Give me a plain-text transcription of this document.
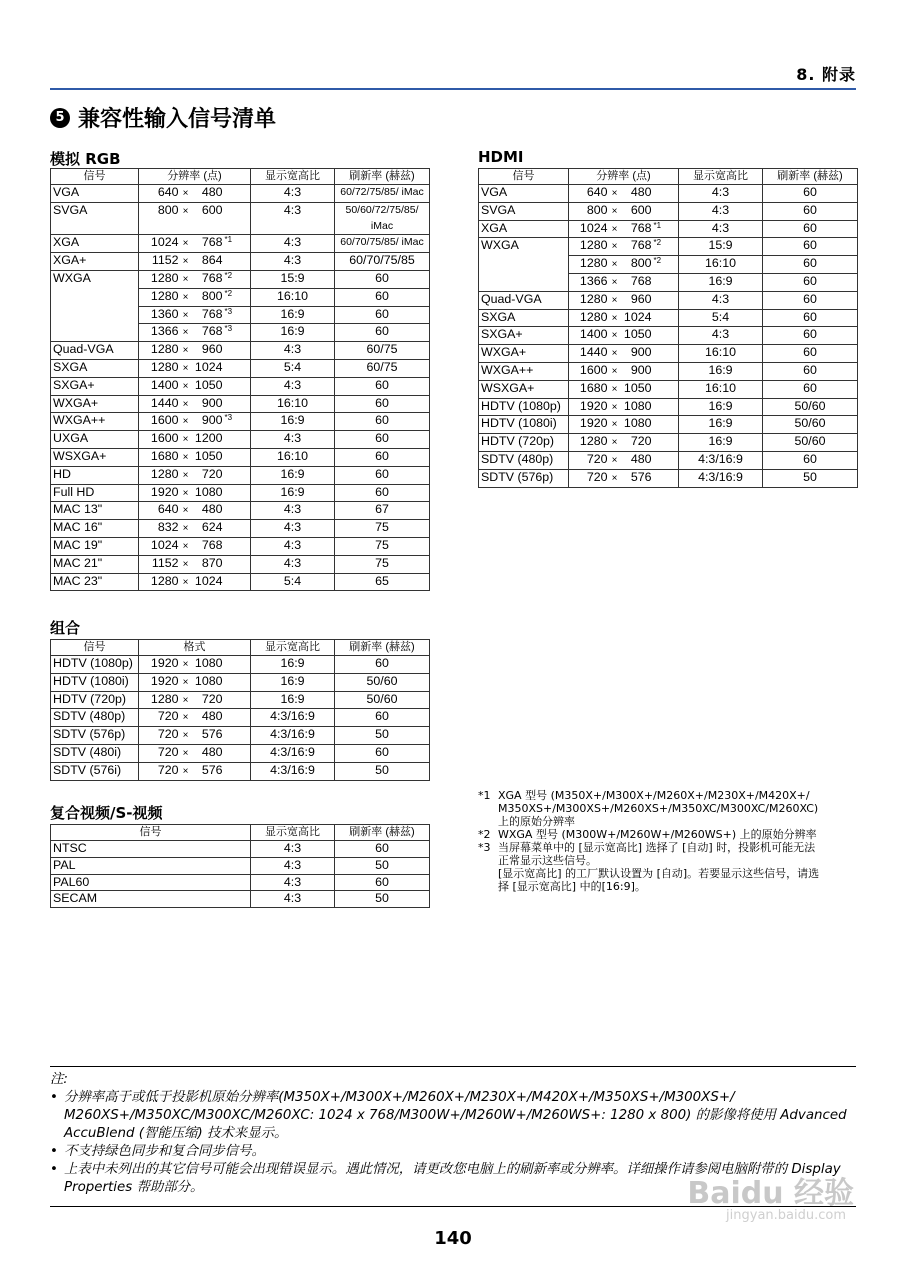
8. 附录
5 兼容性输入信号清单
模拟 RGB
信号	分辨率 (点)	显示宽高比	刷新率 (赫兹)
VGA	640 × 480	4:3	60/72/75/85/ iMac
SVGA	800 × 600	4:3	50/60/72/75/85/ iMac
XGA	1024 × 768 *1	4:3	60/70/75/85/ iMac
XGA+	1152 × 864	4:3	60/70/75/85
WXGA	1280 × 768 *2	15:9	60

	1280 × 800 *2	16:10	60

	1360 × 768 *3	16:9	60

	1366 × 768 *3	16:9	60
Quad-VGA	1280 × 960	4:3	60/75
SXGA	1280 × 1024	5:4	60/75
SXGA+	1400 × 1050	4:3	60
WXGA+	1440 × 900	16:10	60
WXGA++	1600 × 900 *3	16:9	60
UXGA	1600 × 1200	4:3	60
WSXGA+	1680 × 1050	16:10	60
HD	1280 × 720	16:9	60
Full HD	1920 × 1080	16:9	60
MAC 13"	640 × 480	4:3	67
MAC 16"	832 × 624	4:3	75
MAC 19"	1024 × 768	4:3	75
MAC 21"	1152 × 870	4:3	75
MAC 23"	1280 × 1024	5:4	65
组合
信号	格式	显示宽高比	刷新率 (赫兹)
HDTV (1080p)	1920 × 1080	16:9	60
HDTV (1080i)	1920 × 1080	16:9	50/60
HDTV (720p)	1280 × 720	16:9	50/60
SDTV (480p)	720 × 480	4:3/16:9	60
SDTV (576p)	720 × 576	4:3/16:9	50
SDTV (480i)	720 × 480	4:3/16:9	60
SDTV (576i)	720 × 576	4:3/16:9	50
复合视频/S-视频
信号	显示宽高比	刷新率 (赫兹)
NTSC	4:3	60
PAL	4:3	50
PAL60	4:3	60
SECAM	4:3	50
HDMI
信号	分辨率 (点)	显示宽高比	刷新率 (赫兹)
VGA	640 × 480	4:3	60
SVGA	800 × 600	4:3	60
XGA	1024 × 768 *1	4:3	60
WXGA	1280 × 768 *2	15:9	60

	1280 × 800 *2	16:10	60

	1366 × 768	16:9	60
Quad-VGA	1280 × 960	4:3	60
SXGA	1280 × 1024	5:4	60
SXGA+	1400 × 1050	4:3	60
WXGA+	1440 × 900	16:10	60
WXGA++	1600 × 900	16:9	60
WSXGA+	1680 × 1050	16:10	60
HDTV (1080p)	1920 × 1080	16:9	50/60
HDTV (1080i)	1920 × 1080	16:9	50/60
HDTV (720p)	1280 × 720	16:9	50/60
SDTV (480p)	720 × 480	4:3/16:9	60
SDTV (576p)	720 × 576	4:3/16:9	50
*1 XGA 型号 (M350X+/M300X+/M260X+/M230X+/M420X+/
M350XS+/M300XS+/M260XS+/M350XC/M300XC/M260XC)
上的原始分辨率
*2 WXGA 型号 (M300W+/M260W+/M260WS+) 上的原始分辨率
*3 当屏幕菜单中的 [显示宽高比] 选择了 [自动] 时，投影机可能无法
正常显示这些信号。
[显示宽高比] 的工厂默认设置为 [自动]。若要显示这些信号，请选
择 [显示宽高比] 中的[16:9]。
注:
• 分辨率高于或低于投影机原始分辨率(M350X+/M300X+/M260X+/M230X+/M420X+/M350XS+/M300XS+/ M260XS+/M350XC/M300XC/M260XC: 1024 x 768/M300W+/M260W+/M260WS+: 1280 x 800) 的影像将使用 Advanced AccuBlend (智能压缩) 技术来显示。
• 不支持绿色同步和复合同步信号。
• 上表中未列出的其它信号可能会出现错误显示。遇此情况，请更改您电脑上的刷新率或分辨率。详细操作请参阅电脑附带的 Display Properties 帮助部分。
140
Baidu 经验
jingyan.baidu.com
